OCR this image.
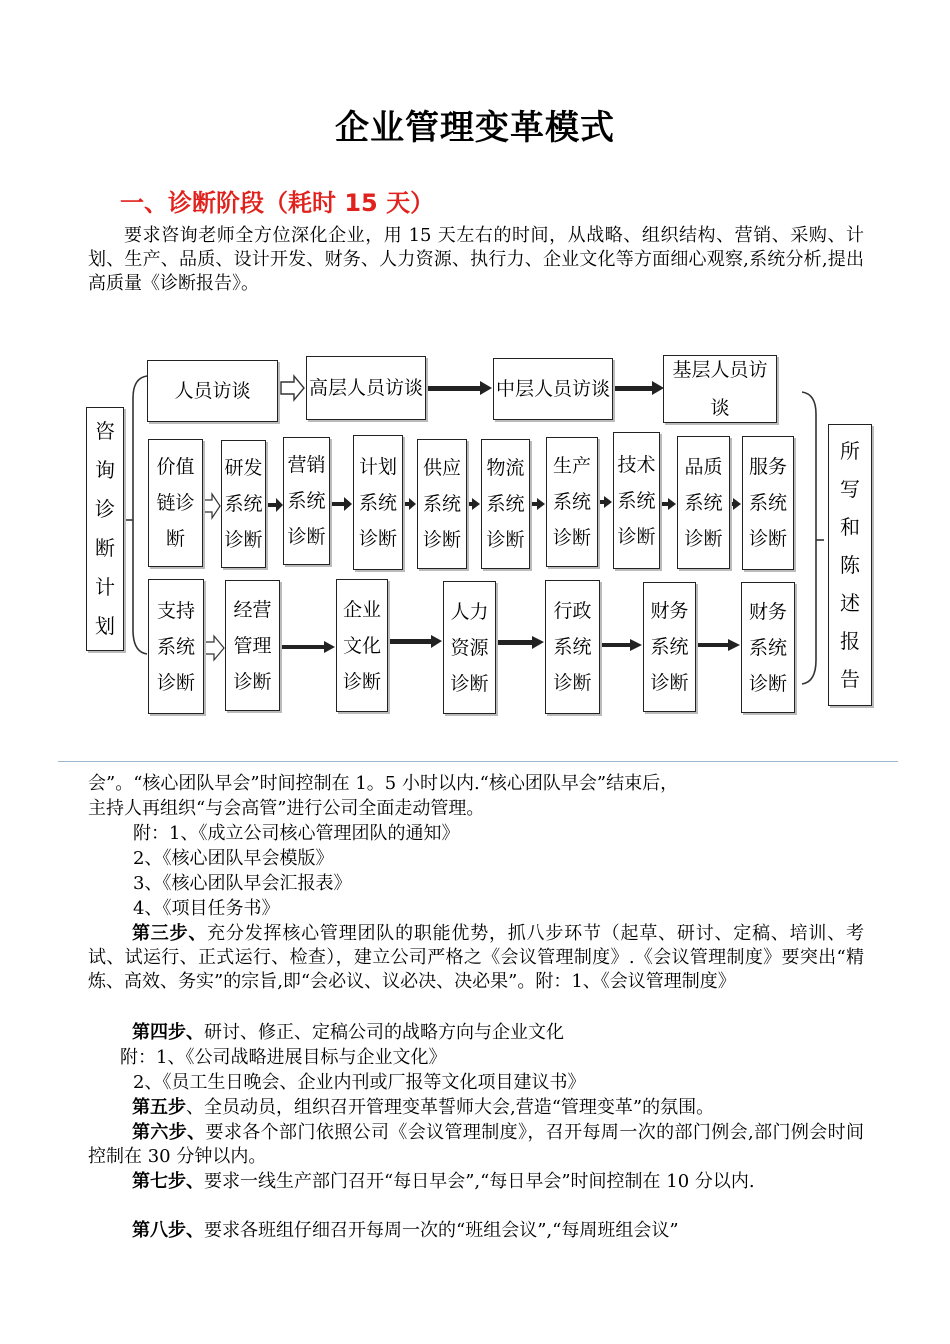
企业管理变革模式
一、诊断阶段（耗时 15 天）
要求咨询老师全方位深化企业，用 15 天左右的时间，从战略、组织结构、营销、采购、计划、生产、品质、设计开发、财务、人力资源、执行力、企业文化等方面细心观察,系统分析,提出高质量《诊断报告》。
咨询诊断计划
所写和陈述报告
人员访谈	高层人员访谈	中层人员访谈
基层人员访谈
价值链诊断
研发系统诊断
营销系统诊断
计划系统诊断
供应系统诊断
物流系统诊断
生产系统诊断
技术系统诊断
品质系统诊断
服务系统诊断
支持系统诊断
经营管理诊断
企业文化诊断
人力资源诊断
行政系统诊断
财务系统诊断
财务系统诊断
会”。“核心团队早会”时间控制在 1。5 小时以内.“核心团队早会”结束后，
主持人再组织“与会高管”进行公司全面走动管理。
附：1、《成立公司核心管理团队的通知》
2、《核心团队早会模版》
3、《核心团队早会汇报表》
4、《项目任务书》
第三步、充分发挥核心管理团队的职能优势，抓八步环节（起草、研讨、定稿、培训、考试、试运行、正式运行、检查），建立公司严格之《会议管理制度》.《会议管理制度》要突出“精炼、高效、务实”的宗旨,即“会必议、议必决、决必果”。附：1、《会议管理制度》
第四步、研讨、修正、定稿公司的战略方向与企业文化
附：1、《公司战略进展目标与企业文化》
2、《员工生日晚会、企业内刊或厂报等文化项目建议书》
第五步、全员动员，组织召开管理变革誓师大会,营造“管理变革”的氛围。
第六步、要求各个部门依照公司《会议管理制度》，召开每周一次的部门例会,部门例会时间控制在 30 分钟以内。
第七步、要求一线生产部门召开“每日早会”,“每日早会”时间控制在 10 分以内.
第八步、要求各班组仔细召开每周一次的“班组会议”,“每周班组会议”
